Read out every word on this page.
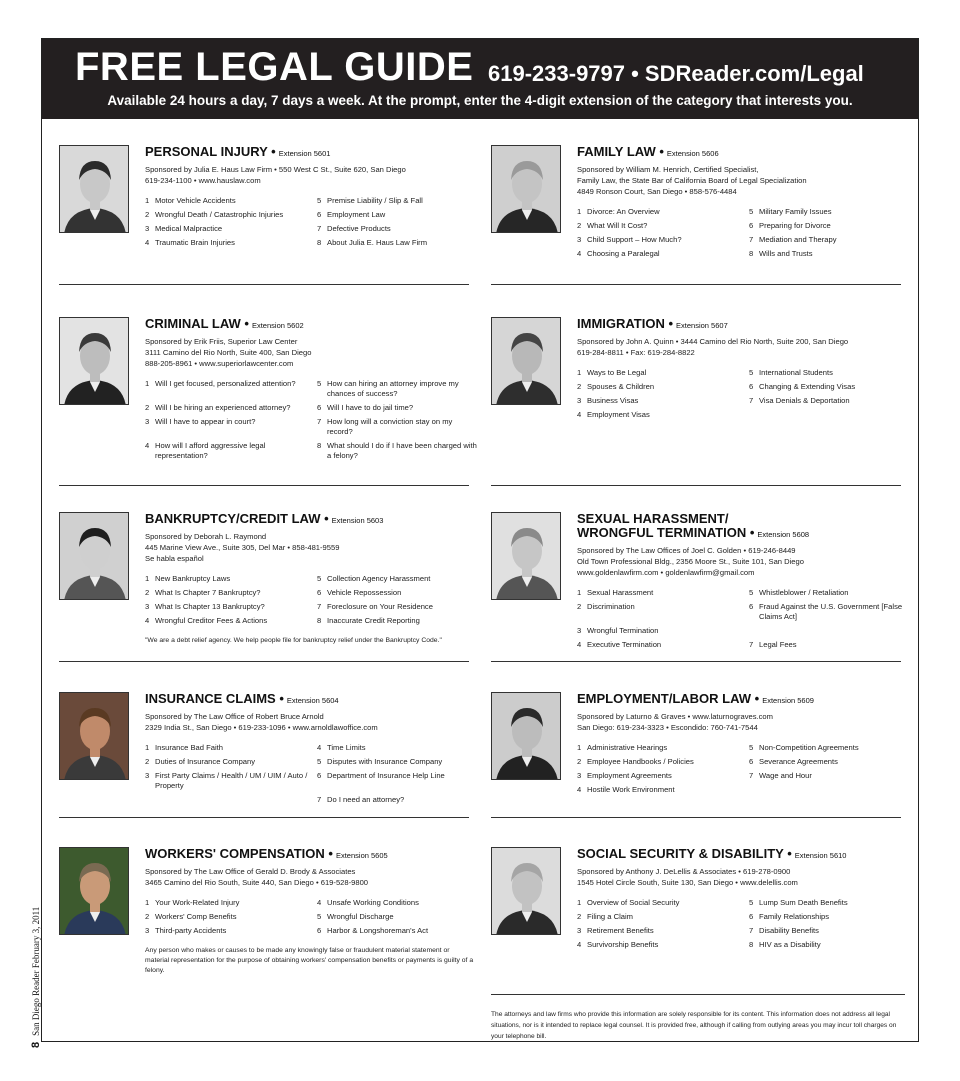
FREE LEGAL GUIDE 619-233-9797 • SDReader.com/Legal
Available 24 hours a day, 7 days a week. At the prompt, enter the 4-digit extension of the category that interests you.
PERSONAL INJURY • Extension 5601
Sponsored by Julia E. Haus Law Firm • 550 West C St., Suite 620, San Diego
619-234-1100 • www.hauslaw.com
1 Motor Vehicle Accidents	5 Premise Liability / Slip & Fall
2 Wrongful Death / Catastrophic Injuries	6 Employment Law
3 Medical Malpractice	7 Defective Products
4 Traumatic Brain Injuries	8 About Julia E. Haus Law Firm
CRIMINAL LAW • Extension 5602
Sponsored by Erik Friis, Superior Law Center
3111 Camino del Rio North, Suite 400, San Diego
888-205-8961 • www.superiorlawcenter.com
1 Will I get focused, personalized attention?	5 How can hiring an attorney improve my chances of success?
2 Will I be hiring an experienced attorney?	6 Will I have to do jail time?
3 Will I have to appear in court?	7 How long will a conviction stay on my record?
4 How will I afford aggressive legal representation?
8 What should I do if I have been charged with a felony?
BANKRUPTCY/CREDIT LAW • Extension 5603
Sponsored by Deborah L. Raymond
445 Marine View Ave., Suite 305, Del Mar • 858-481-9559
Se habla español
1 New Bankruptcy Laws	5 Collection Agency Harassment
2 What Is Chapter 7 Bankruptcy?	6 Vehicle Repossession
3 What Is Chapter 13 Bankruptcy?	7 Foreclosure on Your Residence
4 Wrongful Creditor Fees & Actions	8 Inaccurate Credit Reporting
"We are a debt relief agency. We help people file for bankruptcy relief under the Bankruptcy Code."
INSURANCE CLAIMS • Extension 5604
Sponsored by The Law Office of Robert Bruce Arnold
2329 India St., San Diego • 619-233-1096 • www.arnoldlawoffice.com
1 Insurance Bad Faith	4 Time Limits
2 Duties of Insurance Company	5 Disputes with Insurance Company
3 First Party Claims / Health / UM / UIM / Auto / Property
6 Department of Insurance Help Line
7 Do I need an attorney?
WORKERS' COMPENSATION • Extension 5605
Sponsored by The Law Office of Gerald D. Brody & Associates
3465 Camino del Rio South, Suite 440, San Diego • 619-528-9800
1 Your Work-Related Injury	4 Unsafe Working Conditions
2 Workers' Comp Benefits	5 Wrongful Discharge
3 Third-party Accidents	6 Harbor & Longshoreman's Act
Any person who makes or causes to be made any knowingly false or fraudulent material statement or material representation for the purpose of obtaining workers' compensation benefits or payments is guilty of a felony.
FAMILY LAW • Extension 5606
Sponsored by William M. Henrich, Certified Specialist,
Family Law, the State Bar of California Board of Legal Specialization
4849 Ronson Court, San Diego • 858-576-4484
1 Divorce: An Overview	5 Military Family Issues
2 What Will It Cost?	6 Preparing for Divorce
3 Child Support – How Much?	7 Mediation and Therapy
4 Choosing a Paralegal	8 Wills and Trusts
IMMIGRATION • Extension 5607
Sponsored by John A. Quinn • 3444 Camino del Rio North, Suite 200, San Diego
619-284-8811 • Fax: 619-284-8822
1 Ways to Be Legal	5 International Students
2 Spouses & Children	6 Changing & Extending Visas
3 Business Visas	7 Visa Denials & Deportation
4 Employment Visas
SEXUAL HARASSMENT/
WRONGFUL TERMINATION • Extension 5608
Sponsored by The Law Offices of Joel C. Golden • 619-246-8449
Old Town Professional Bldg., 2356 Moore St., Suite 101, San Diego
www.goldenlawfirm.com • goldenlawfirm@gmail.com
1 Sexual Harassment	5 Whistleblower / Retaliation
2 Discrimination	6 Fraud Against the U.S. Government [False Claims Act]
3 Wrongful Termination
4 Executive Termination	7 Legal Fees
EMPLOYMENT/LABOR LAW • Extension 5609
Sponsored by Laturno & Graves • www.laturnograves.com
San Diego: 619-234-3323 • Escondido: 760-741-7544
1 Administrative Hearings	5 Non-Competition Agreements
2 Employee Handbooks / Policies	6 Severance Agreements
3 Employment Agreements	7 Wage and Hour
4 Hostile Work Environment
SOCIAL SECURITY & DISABILITY • Extension 5610
Sponsored by Anthony J. DeLellis & Associates • 619-278-0900
1545 Hotel Circle South, Suite 130, San Diego • www.delellis.com
1 Overview of Social Security	5 Lump Sum Death Benefits
2 Filing a Claim	6 Family Relationships
3 Retirement Benefits	7 Disability Benefits
4 Survivorship Benefits	8 HIV as a Disability
The attorneys and law firms who provide this information are solely responsible for its content. This information does not address all legal situations, nor is it intended to replace legal counsel. It is provided free, although if calling from outlying areas you may incur toll charges on your telephone bill.
8San Diego Reader February 3, 2011
